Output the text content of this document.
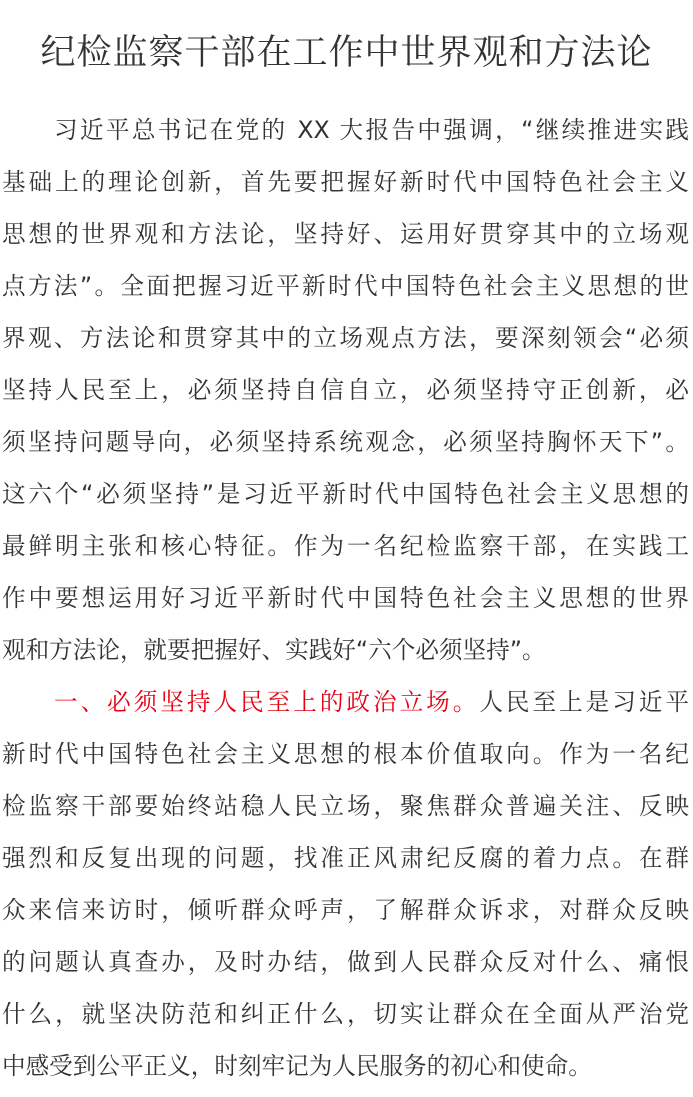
纪检监察干部在工作中世界观和方法论
习近平总书记在党的 XX 大报告中强调，“继续推进实践
基础上的理论创新，首先要把握好新时代中国特色社会主义
思想的世界观和方法论，坚持好、运用好贯穿其中的立场观
点方法”。全面把握习近平新时代中国特色社会主义思想的世
界观、方法论和贯穿其中的立场观点方法，要深刻领会“必须
坚持人民至上，必须坚持自信自立，必须坚持守正创新，必
须坚持问题导向，必须坚持系统观念，必须坚持胸怀天下”。
这六个“必须坚持”是习近平新时代中国特色社会主义思想的
最鲜明主张和核心特征。作为一名纪检监察干部，在实践工
作中要想运用好习近平新时代中国特色社会主义思想的世界
观和方法论，就要把握好、实践好“六个必须坚持”。
一、必须坚持人民至上的政治立场。人民至上是习近平
新时代中国特色社会主义思想的根本价值取向。作为一名纪
检监察干部要始终站稳人民立场，聚焦群众普遍关注、反映
强烈和反复出现的问题，找准正风肃纪反腐的着力点。在群
众来信来访时，倾听群众呼声，了解群众诉求，对群众反映
的问题认真查办，及时办结，做到人民群众反对什么、痛恨
什么，就坚决防范和纠正什么，切实让群众在全面从严治党
中感受到公平正义，时刻牢记为人民服务的初心和使命。
